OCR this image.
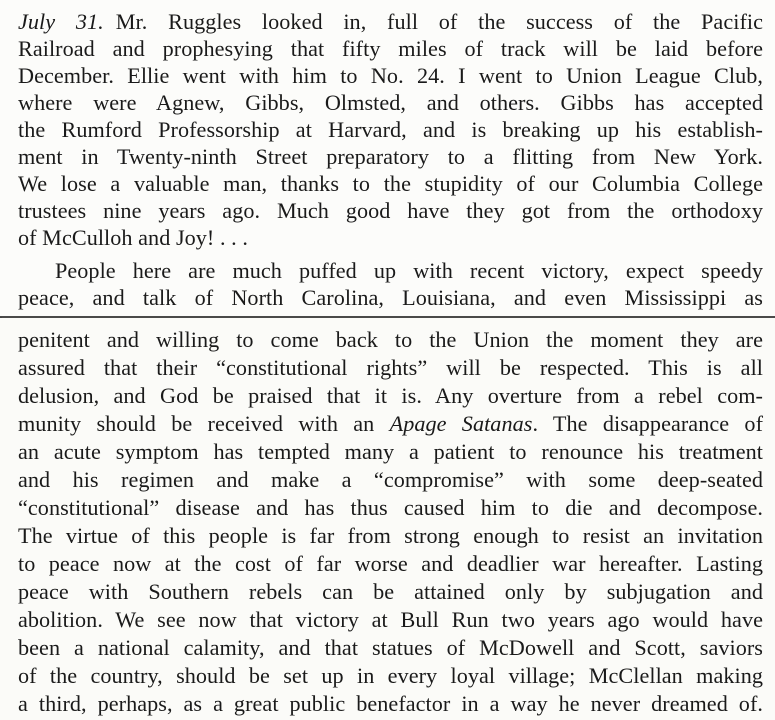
July 31. Mr. Ruggles looked in, full of the success of the Pacific
Railroad and prophesying that fifty miles of track will be laid before
December. Ellie went with him to No. 24. I went to Union League Club,
where were Agnew, Gibbs, Olmsted, and others. Gibbs has accepted
the Rumford Professorship at Harvard, and is breaking up his establish-
ment in Twenty-ninth Street preparatory to a flitting from New York.
We lose a valuable man, thanks to the stupidity of our Columbia College
trustees nine years ago. Much good have they got from the orthodoxy
of McCulloh and Joy! . . .
People here are much puffed up with recent victory, expect speedy
peace, and talk of North Carolina, Louisiana, and even Mississippi as
penitent and willing to come back to the Union the moment they are
assured that their “constitutional rights” will be respected. This is all
delusion, and God be praised that it is. Any overture from a rebel com-
munity should be received with an Apage Satanas. The disappearance of
an acute symptom has tempted many a patient to renounce his treatment
and his regimen and make a “compromise” with some deep-seated
“constitutional” disease and has thus caused him to die and decompose.
The virtue of this people is far from strong enough to resist an invitation
to peace now at the cost of far worse and deadlier war hereafter. Lasting
peace with Southern rebels can be attained only by subjugation and
abolition. We see now that victory at Bull Run two years ago would have
been a national calamity, and that statues of McDowell and Scott, saviors
of the country, should be set up in every loyal village; McClellan making
a third, perhaps, as a great public benefactor in a way he never dreamed of.
